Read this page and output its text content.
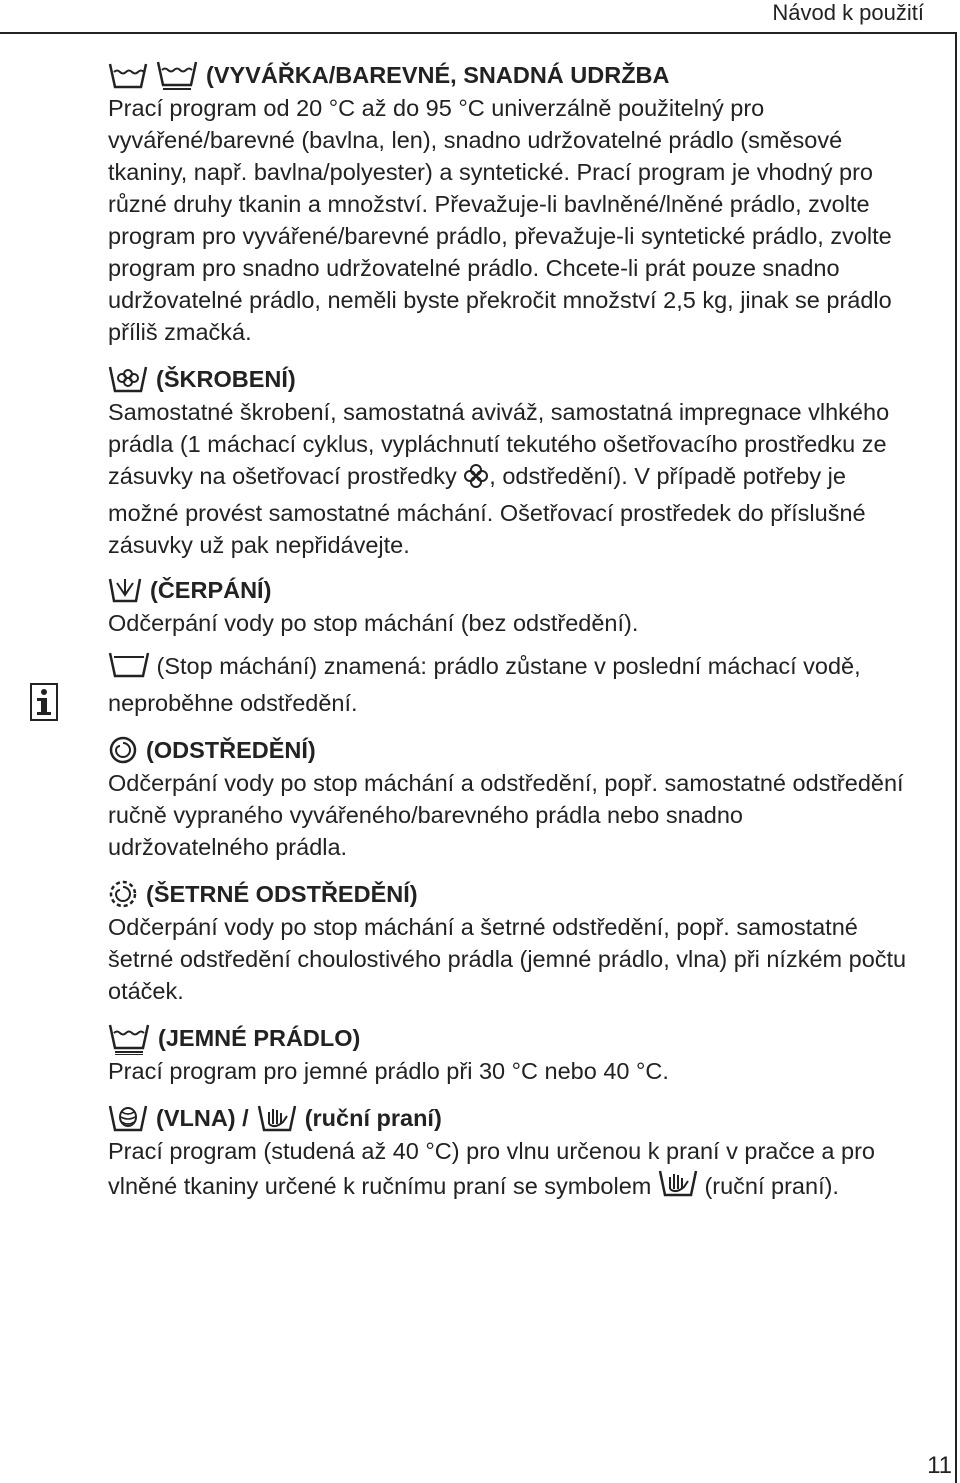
Návod k použití
(VYVÁŘKA/BAREVNÉ, SNADNÁ UDRŽBA

Prací program od 20 °C až do 95 °C univerzálně použitelný pro vyvářené/barevné (bavlna, len), snadno udržovatelné prádlo (směsové tkaniny, např. bavlna/polyester) a syntetické. Prací program je vhodný pro různé druhy tkanin a množství. Převažuje-li bavlněné/lněné prádlo, zvolte program pro vyvářené/barevné prádlo, převažuje-li syntetické prádlo, zvolte program pro snadno udržovatelné prádlo. Chcete-li prát pouze snadno udržovatelné prádlo, neměli byste překročit množství 2,5 kg, jinak se prádlo příliš zmačká.

(ŠKROBENÍ)

Samostatné škrobení, samostatná aviváž, samostatná impregnace vlhkého prádla (1 máchací cyklus, vypláchnutí tekutého ošetřovacího prostředku ze zásuvky na ošetřovací prostředky , odstředění). V případě potřeby je možné provést samostatné máchání. Ošetřovací prostředek do příslušné zásuvky už pak nepřidávejte.

(ČERPÁNÍ)

Odčerpání vody po stop máchání (bez odstředění).

(Stop máchání) znamená: prádlo zůstane v poslední máchací vodě, neproběhne odstředění.

(ODSTŘEDĚNÍ)

Odčerpání vody po stop máchání a odstředění, popř. samostatné odstředění ručně vypraného vyvářeného/barevného prádla nebo snadno udržovatelného prádla.

(ŠETRNÉ ODSTŘEDĚNÍ)

Odčerpání vody po stop máchání a šetrné odstředění, popř. samostatné šetrné odstředění choulostivého prádla (jemné prádlo, vlna) při nízkém počtu otáček.

(JEMNÉ PRÁDLO)

Prací program pro jemné prádlo při 30 °C nebo 40 °C.

(VLNA) / (ruční praní)

Prací program (studená až 40 °C) pro vlnu určenou k praní v pračce a pro vlněné tkaniny určené k ručnímu praní se symbolem (ruční praní).

11
